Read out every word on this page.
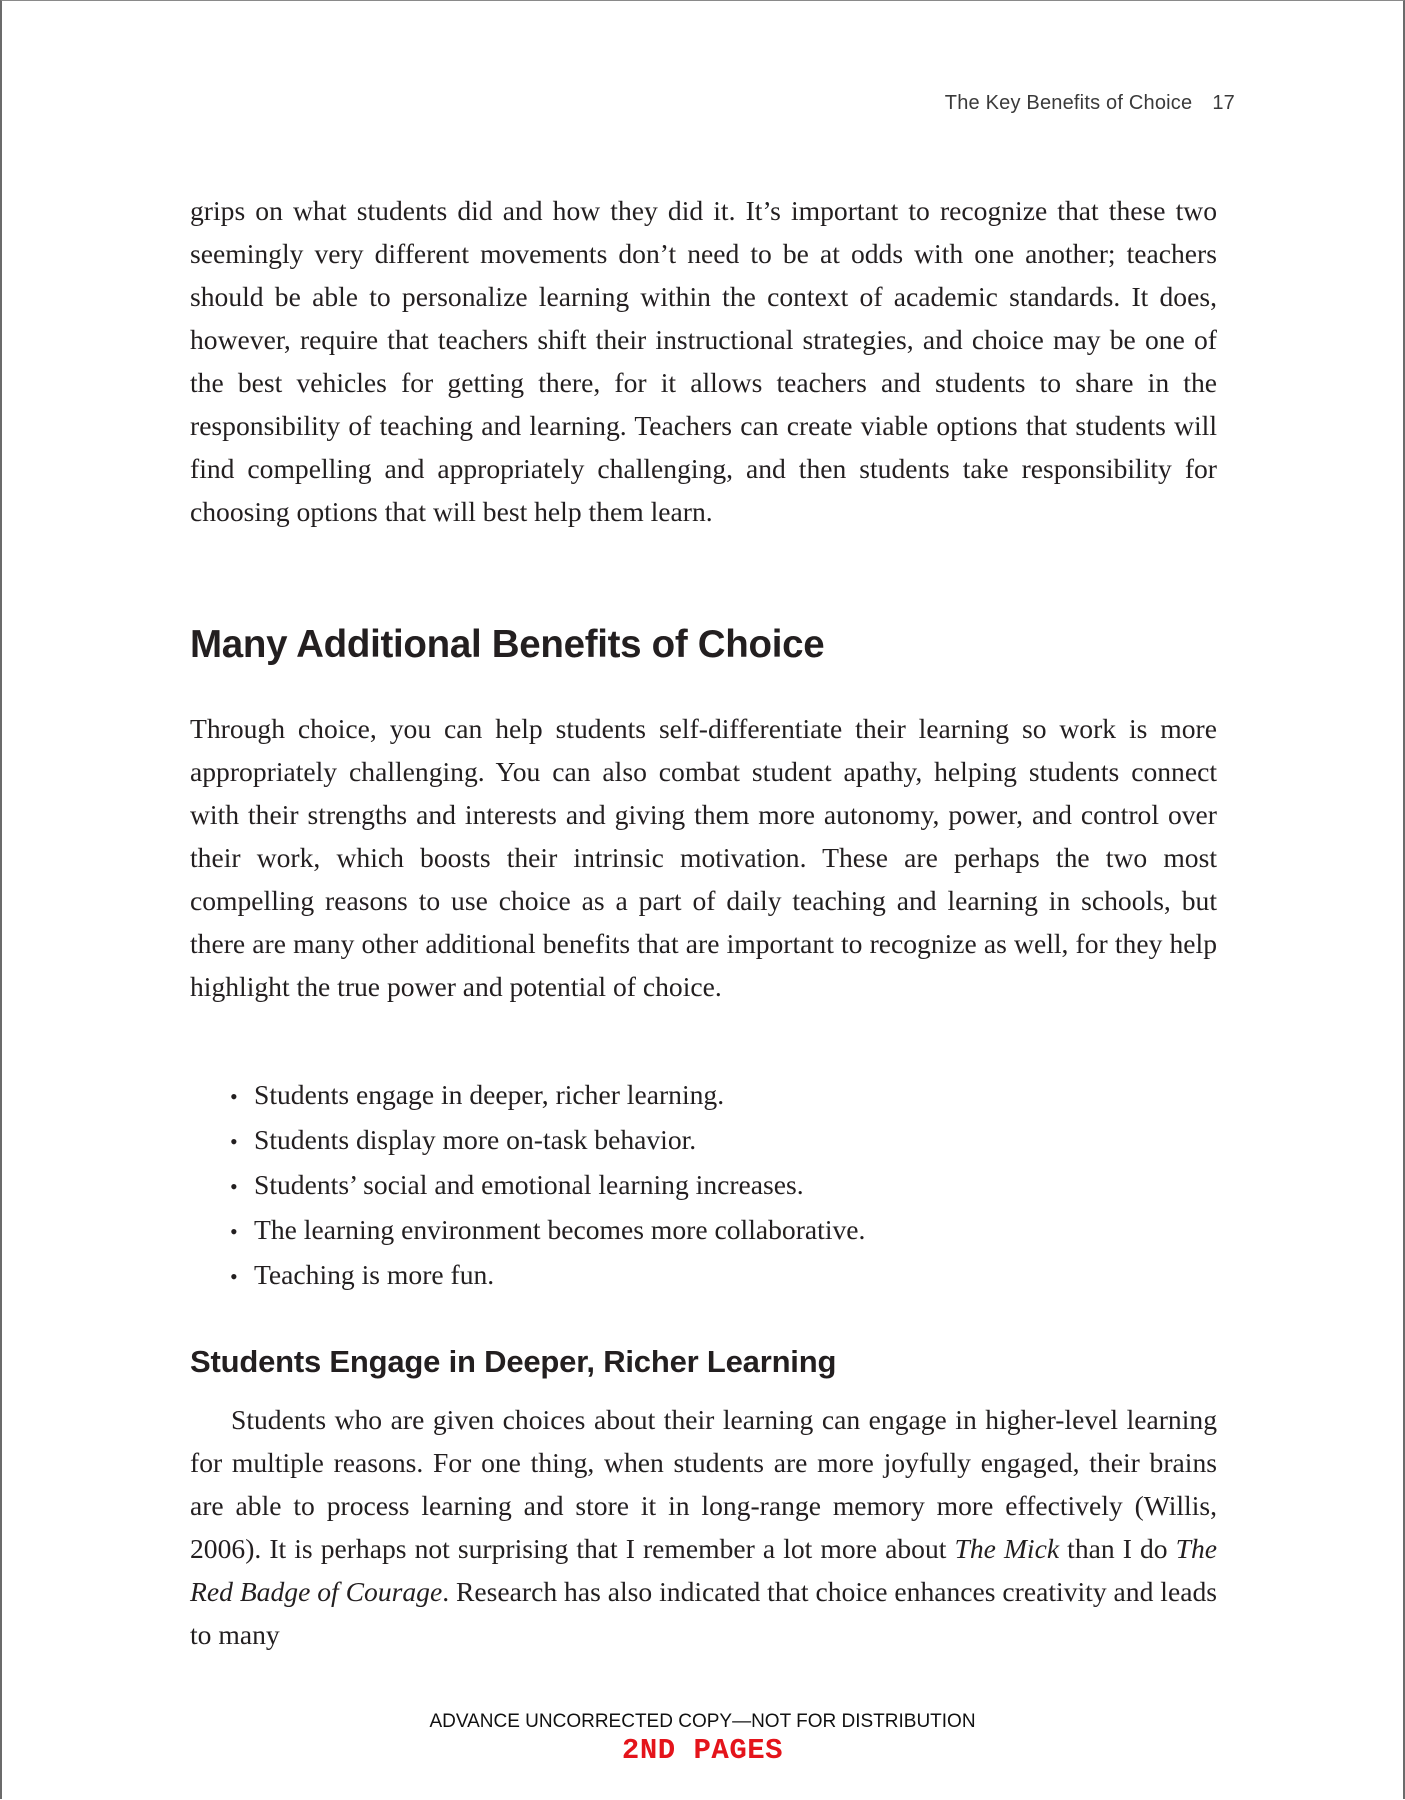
The Key Benefits of Choice 17

grips on what students did and how they did it. It’s important to recognize that these two seemingly very different movements don’t need to be at odds with one another; teachers should be able to personalize learning within the context of academic standards. It does, however, require that teachers shift their instructional strategies, and choice may be one of the best vehicles for getting there, for it allows teachers and students to share in the responsibility of teaching and learning. Teachers can create viable options that students will find compelling and appropriately challenging, and then students take responsibility for choosing options that will best help them learn.

Many Additional Benefits of Choice

Through choice, you can help students self-differentiate their learning so work is more appropriately challenging. You can also combat student apathy, helping students connect with their strengths and interests and giving them more autonomy, power, and control over their work, which boosts their intrinsic motivation. These are perhaps the two most compelling reasons to use choice as a part of daily teaching and learning in schools, but there are many other additional benefits that are important to recognize as well, for they help highlight the true power and potential of choice.

• Students engage in deeper, richer learning.
• Students display more on-task behavior.
• Students’ social and emotional learning increases.
• The learning environment becomes more collaborative.
• Teaching is more fun.
Students Engage in Deeper, Richer Learning

Students who are given choices about their learning can engage in higher-level learning for multiple reasons. For one thing, when students are more joyfully engaged, their brains are able to process learning and store it in long-range memory more effectively (Willis, 2006). It is perhaps not surprising that I remember a lot more about The Mick than I do The Red Badge of Courage. Research has also indicated that choice enhances creativity and leads to many

ADVANCE UNCORRECTED COPY—NOT FOR DISTRIBUTION
2ND PAGES
